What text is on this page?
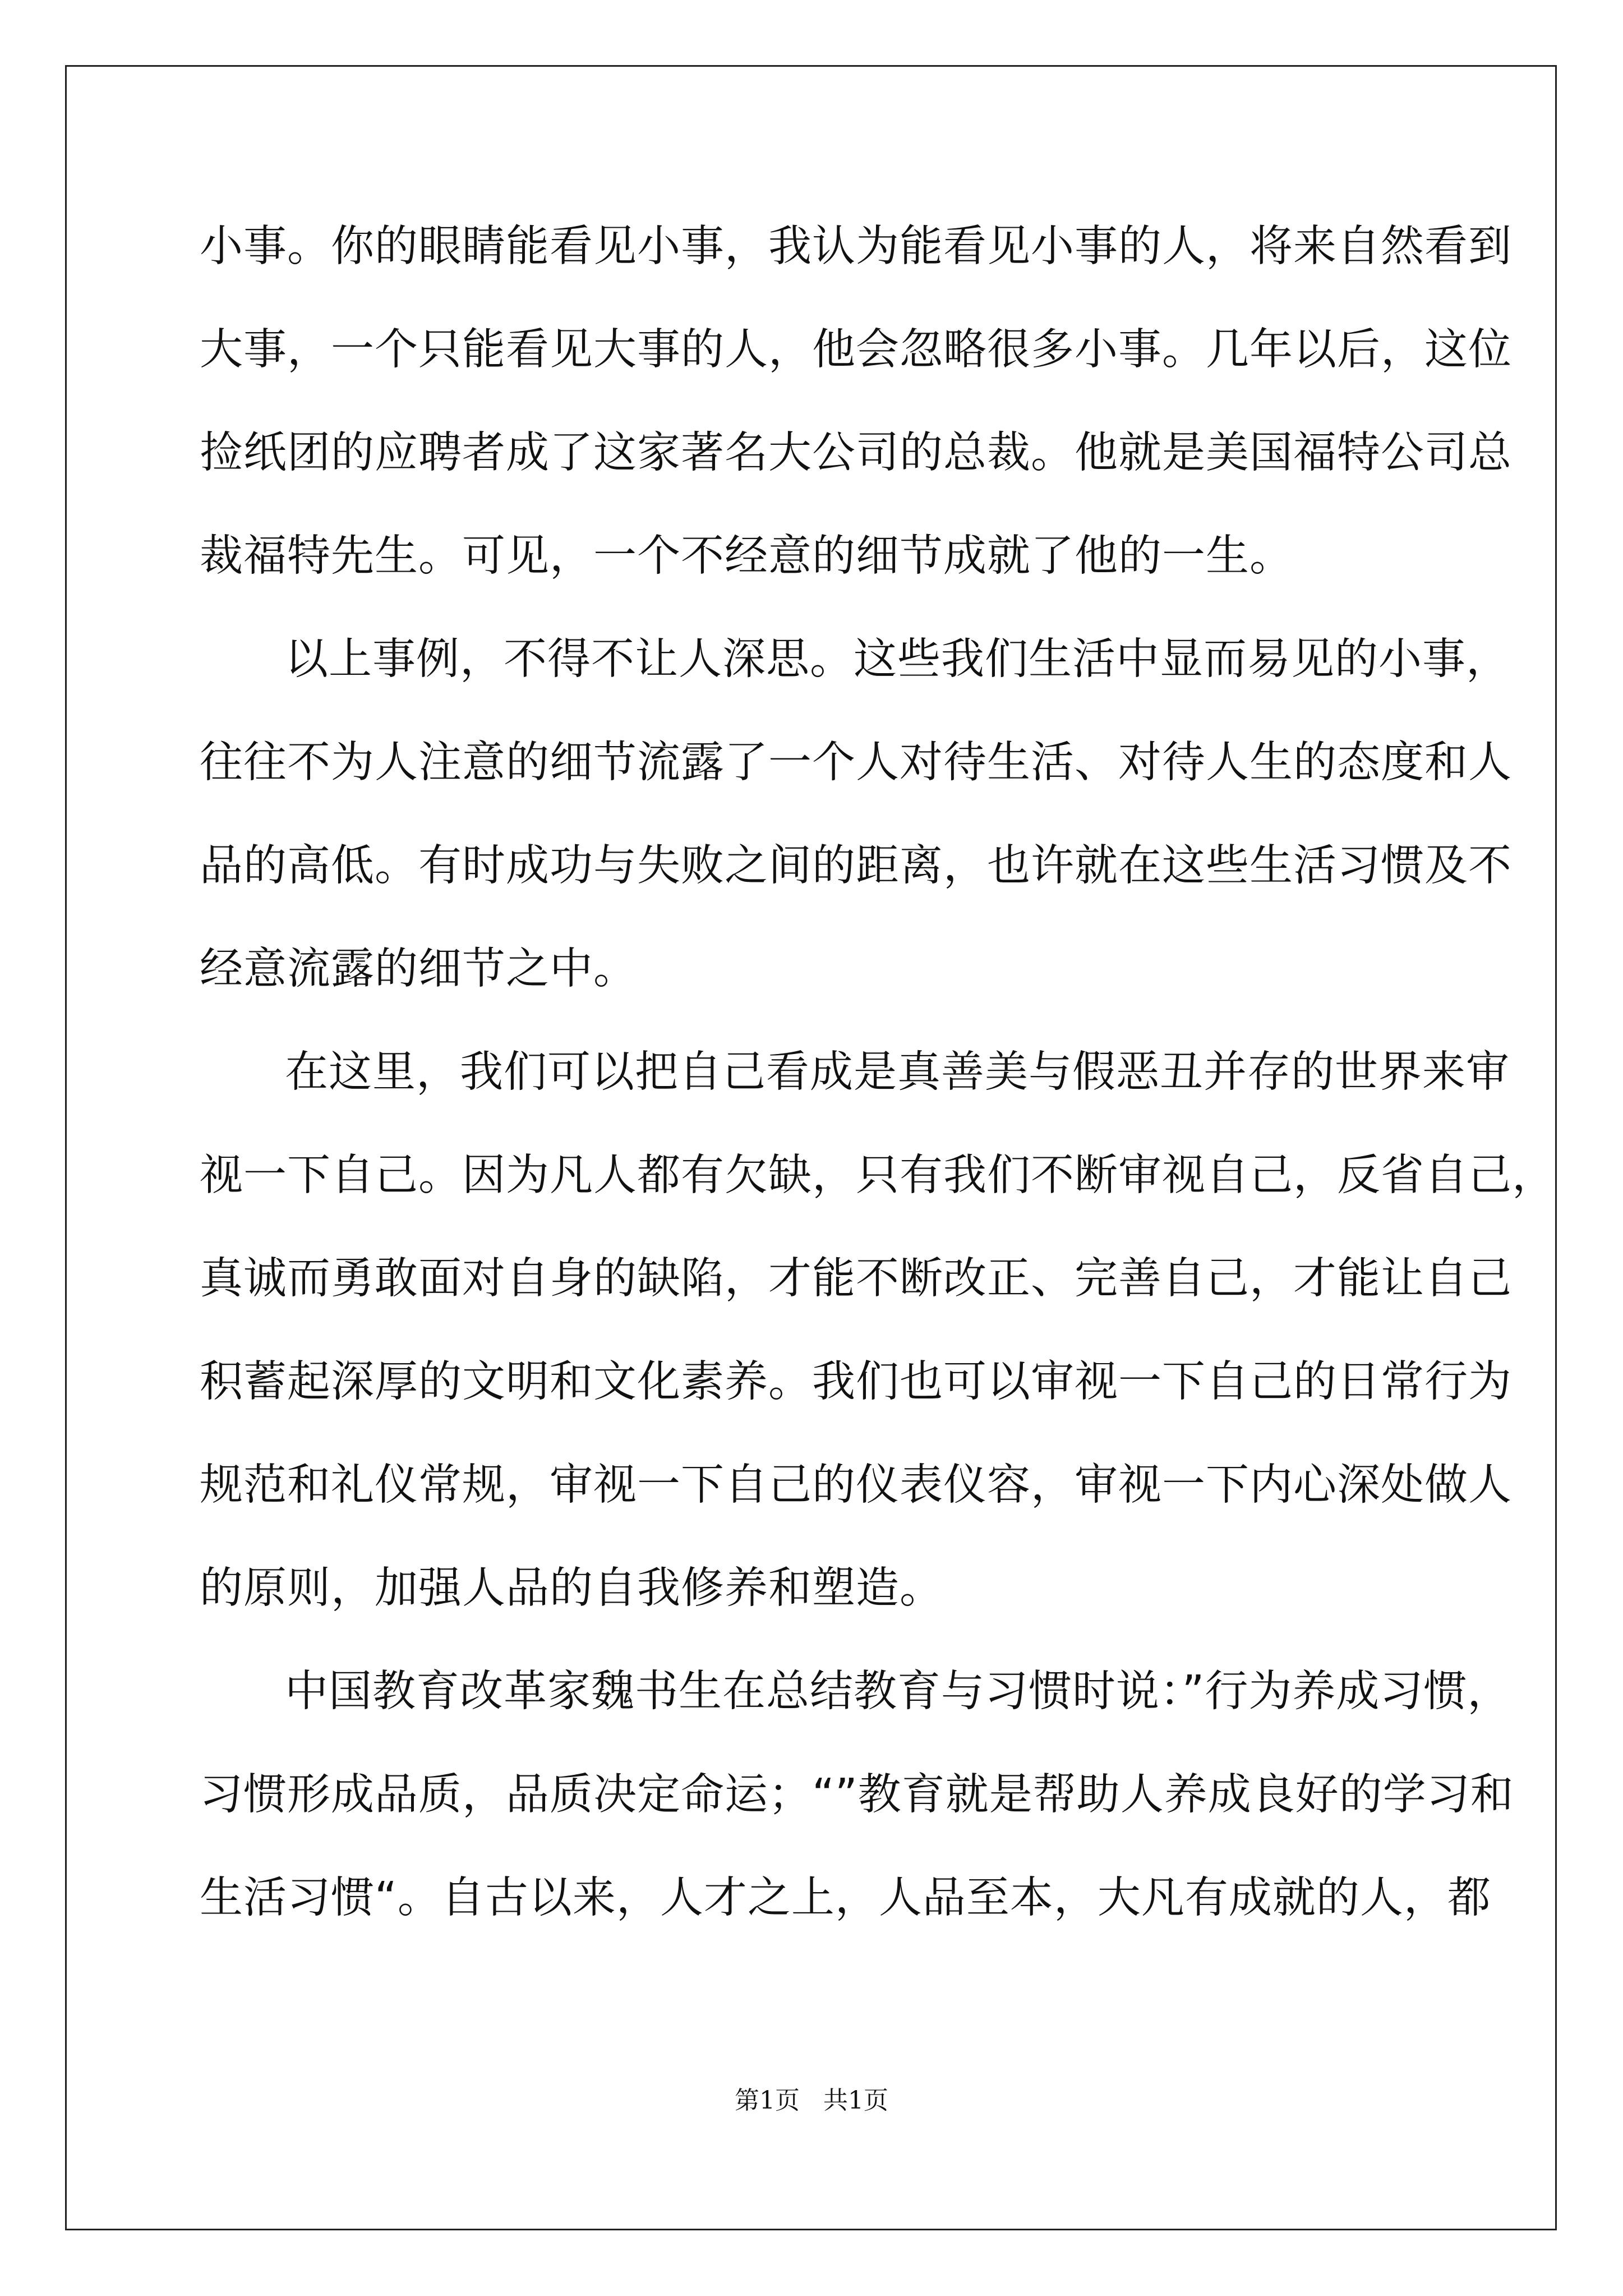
小事。你的眼睛能看见小事，我认为能看见小事的人，将来自然看到

大事，一个只能看见大事的人，他会忽略很多小事。几年以后，这位

捡纸团的应聘者成了这家著名大公司的总裁。他就是美国福特公司总

裁福特先生。可见，一个不经意的细节成就了他的一生。

以上事例，不得不让人深思。这些我们生活中显而易见的小事，

往往不为人注意的细节流露了一个人对待生活、对待人生的态度和人

品的高低。有时成功与失败之间的距离，也许就在这些生活习惯及不

经意流露的细节之中。

在这里，我们可以把自己看成是真善美与假恶丑并存的世界来审

视一下自己。因为凡人都有欠缺，只有我们不断审视自己，反省自己，

真诚而勇敢面对自身的缺陷，才能不断改正、完善自己，才能让自己

积蓄起深厚的文明和文化素养。我们也可以审视一下自己的日常行为

规范和礼仪常规，审视一下自己的仪表仪容，审视一下内心深处做人

的原则，加强人品的自我修养和塑造。

中国教育改革家魏书生在总结教育与习惯时说：”行为养成习惯，

习惯形成品质，品质决定命运；“”教育就是帮助人养成良好的学习和

生活习惯“。自古以来，人才之上，人品至本，大凡有成就的人，都

第1页   共1页
